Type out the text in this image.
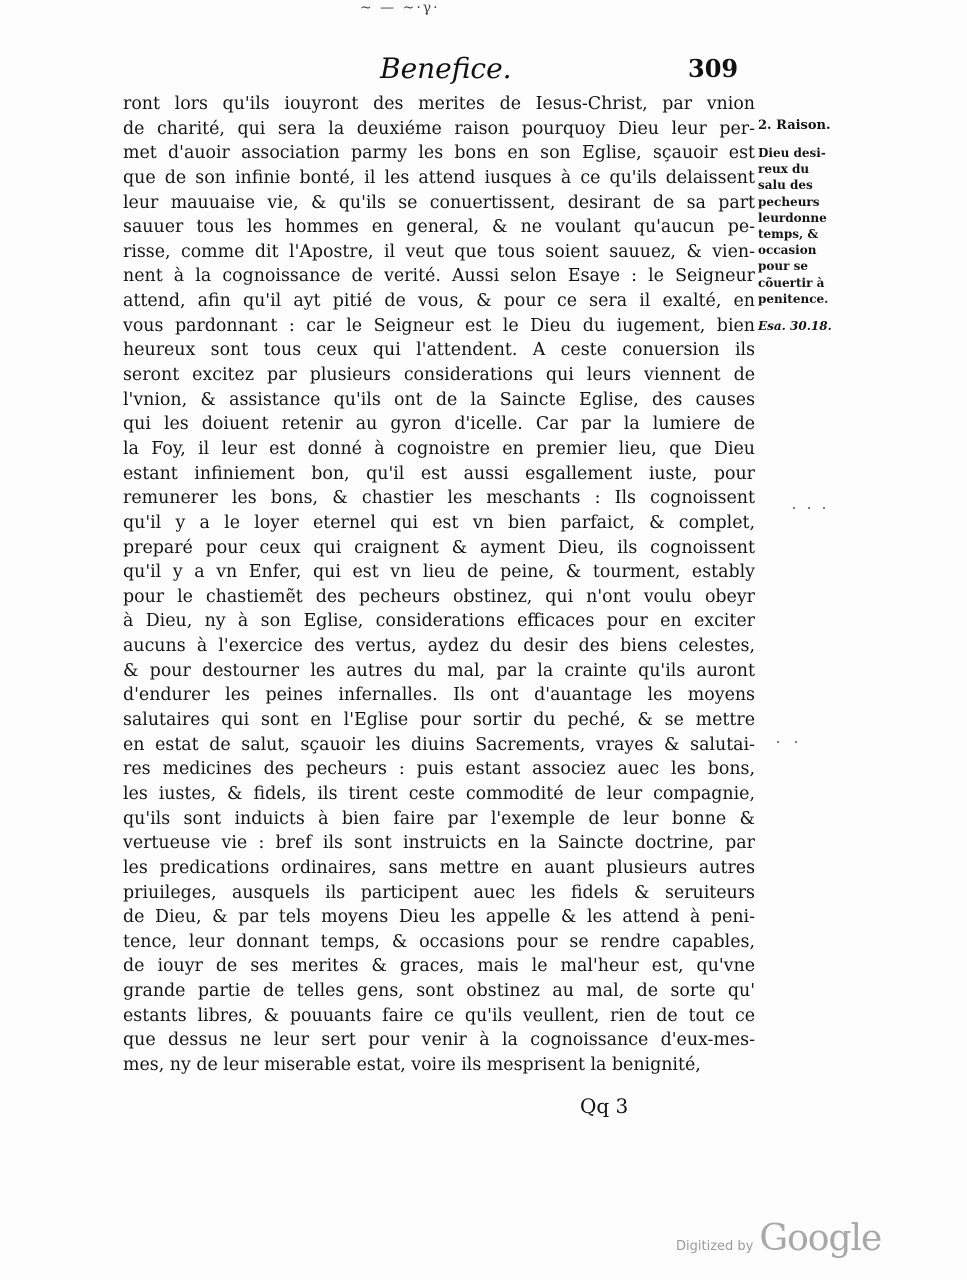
~ — ~·γ·
Benefice.	309
ront lors qu'ils iouyront des merites de Iesus-Christ, par vnion
de charité, qui sera la deuxiéme raison pourquoy Dieu leur per-
met d'auoir association parmy les bons en son Eglise, sçauoir est
que de son infinie bonté, il les attend iusques à ce qu'ils delaissent
leur mauuaise vie, & qu'ils se conuertissent, desirant de sa part
sauuer tous les hommes en general, & ne voulant qu'aucun pe-
risse, comme dit l'Apostre, il veut que tous soient sauuez, & vien-
nent à la cognoissance de verité. Aussi selon Esaye : le Seigneur
attend, afin qu'il ayt pitié de vous, & pour ce sera il exalté, en
vous pardonnant : car le Seigneur est le Dieu du iugement, bien
heureux sont tous ceux qui l'attendent. A ceste conuersion ils
seront excitez par plusieurs considerations qui leurs viennent de
l'vnion, & assistance qu'ils ont de la Saincte Eglise, des causes
qui les doiuent retenir au gyron d'icelle. Car par la lumiere de
la Foy, il leur est donné à cognoistre en premier lieu, que Dieu
estant infiniement bon, qu'il est aussi esgallement iuste, pour
remunerer les bons, & chastier les meschants : Ils cognoissent
qu'il y a le loyer eternel qui est vn bien parfaict, & complet,
preparé pour ceux qui craignent & ayment Dieu, ils cognoissent
qu'il y a vn Enfer, qui est vn lieu de peine, & tourment, estably
pour le chastiemẽt des pecheurs obstinez, qui n'ont voulu obeyr
à Dieu, ny à son Eglise, considerations efficaces pour en exciter
aucuns à l'exercice des vertus, aydez du desir des biens celestes,
& pour destourner les autres du mal, par la crainte qu'ils auront
d'endurer les peines infernalles. Ils ont d'auantage les moyens
salutaires qui sont en l'Eglise pour sortir du peché, & se mettre
en estat de salut, sçauoir les diuins Sacrements, vrayes & salutai-
res medicines des pecheurs : puis estant associez auec les bons,
les iustes, & fidels, ils tirent ceste commodité de leur compagnie,
qu'ils sont induicts à bien faire par l'exemple de leur bonne &
vertueuse vie : bref ils sont instruicts en la Saincte doctrine, par
les predications ordinaires, sans mettre en auant plusieurs autres
priuileges, ausquels ils participent auec les fidels & seruiteurs
de Dieu, & par tels moyens Dieu les appelle & les attend à peni-
tence, leur donnant temps, & occasions pour se rendre capables,
de iouyr de ses merites & graces, mais le mal'heur est, qu'vne
grande partie de telles gens, sont obstinez au mal, de sorte qu'
estants libres, & pouuants faire ce qu'ils veullent, rien de tout ce
que dessus ne leur sert pour venir à la cognoissance d'eux-mes-
mes, ny de leur miserable estat, voire ils mesprisent la benignité,
2. Raison.
Dieu desi-
reux du
salu des
pecheurs
leurdonne
temps, &
occasion
pour se
cõuertir à
penitence.
Esa. 30.18.
Qq 3
Digitized by Google
